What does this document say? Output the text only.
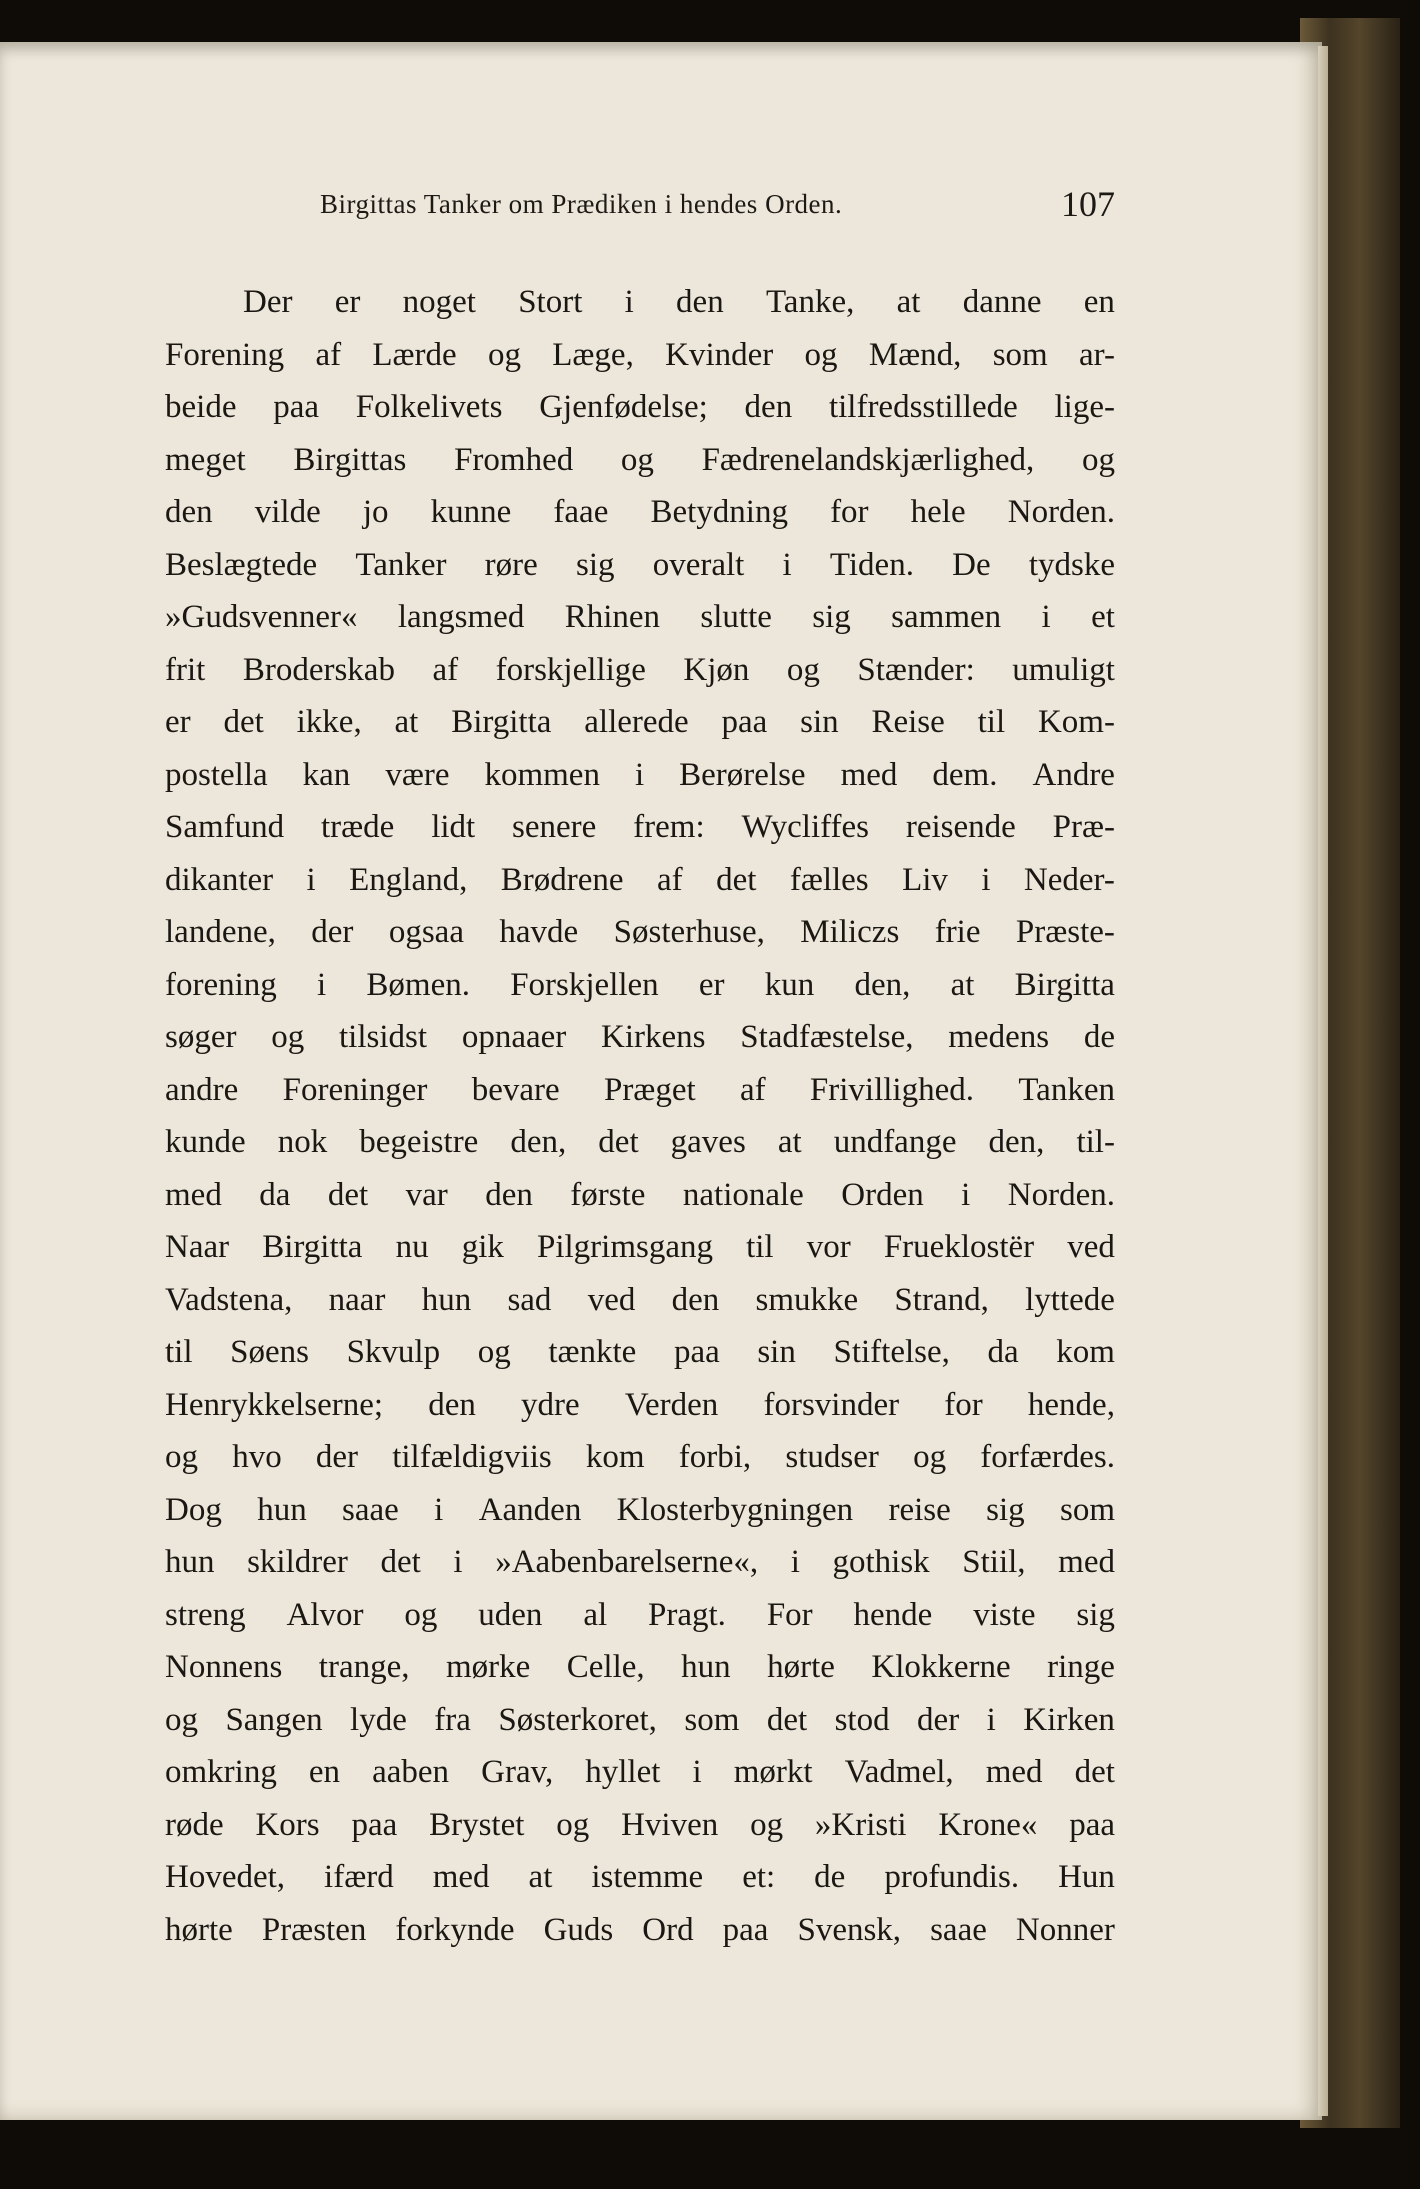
Birgittas Tanker om Prædiken i hendes Orden.	107
Der er noget Stort i den Tanke, at danne en
Forening af Lærde og Læge, Kvinder og Mænd, som ar-
beide paa Folkelivets Gjenfødelse; den tilfredsstillede lige-
meget Birgittas Fromhed og Fædrenelandskjærlighed, og
den vilde jo kunne faae Betydning for hele Norden.
Beslægtede Tanker røre sig overalt i Tiden. De tydske
»Gudsvenner« langsmed Rhinen slutte sig sammen i et
frit Broderskab af forskjellige Kjøn og Stænder: umuligt
er det ikke, at Birgitta allerede paa sin Reise til Kom-
postella kan være kommen i Berørelse med dem. Andre
Samfund træde lidt senere frem: Wycliffes reisende Præ-
dikanter i England, Brødrene af det fælles Liv i Neder-
landene, der ogsaa havde Søsterhuse, Miliczs frie Præste-
forening i Bømen. Forskjellen er kun den, at Birgitta
søger og tilsidst opnaaer Kirkens Stadfæstelse, medens de
andre Foreninger bevare Præget af Frivillighed. Tanken
kunde nok begeistre den, det gaves at undfange den, til-
med da det var den første nationale Orden i Norden.
Naar Birgitta nu gik Pilgrimsgang til vor Frueklostër ved
Vadstena, naar hun sad ved den smukke Strand, lyttede
til Søens Skvulp og tænkte paa sin Stiftelse, da kom
Henrykkelserne; den ydre Verden forsvinder for hende,
og hvo der tilfældigviis kom forbi, studser og forfærdes.
Dog hun saae i Aanden Klosterbygningen reise sig som
hun skildrer det i »Aabenbarelserne«, i gothisk Stiil, med
streng Alvor og uden al Pragt. For hende viste sig
Nonnens trange, mørke Celle, hun hørte Klokkerne ringe
og Sangen lyde fra Søsterkoret, som det stod der i Kirken
omkring en aaben Grav, hyllet i mørkt Vadmel, med det
røde Kors paa Brystet og Hviven og »Kristi Krone« paa
Hovedet, ifærd med at istemme et: de profundis. Hun
hørte Præsten forkynde Guds Ord paa Svensk, saae Nonner
